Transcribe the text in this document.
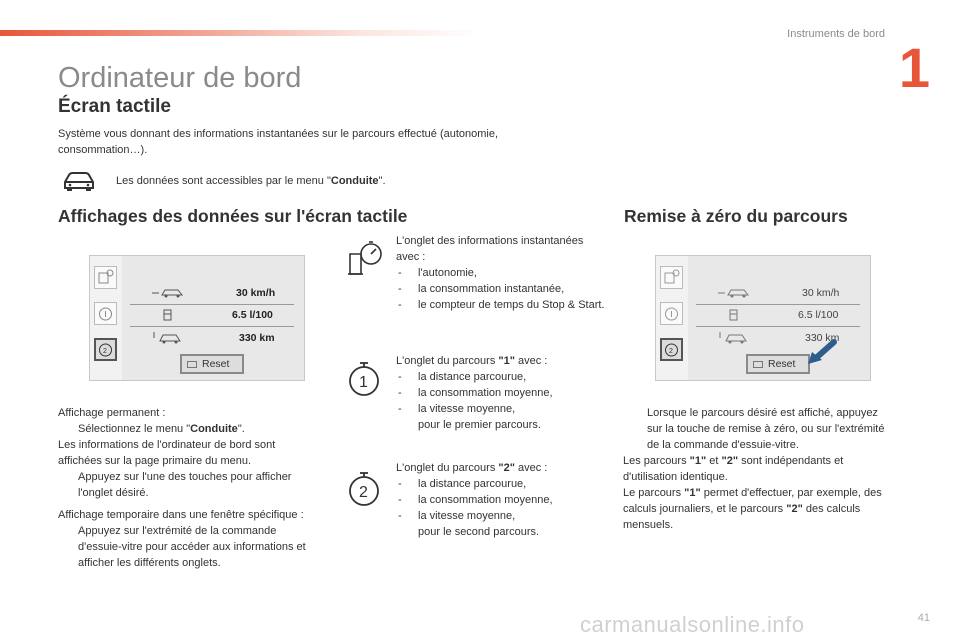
Instruments de bord
1
Ordinateur de bord
Écran tactile
Système vous donnant des informations instantanées sur le parcours effectué (autonomie, consommation…).
Les données sont accessibles par le menu "Conduite".
Affichages des données sur l'écran tactile	Remise à zéro du parcours
2
30 km/h
6.5 l/100
330 km
Reset

Affichage permanent :

Sélectionnez le menu "Conduite".

Les informations de l'ordinateur de bord sont affichées sur la page primaire du menu.

Appuyez sur l'une des touches pour afficher l'onglet désiré.

Affichage temporaire dans une fenêtre spécifique :

Appuyez sur l'extrémité de la commande d'essuie-vitre pour accéder aux informations et afficher les différents onglets.

L'onglet des informations instantanées avec :

- l'autonomie,

- la consommation instantanée,

- le compteur de temps du Stop & Start.

1

L'onglet du parcours "1" avec :

- la distance parcourue,

- la consommation moyenne,

- la vitesse moyenne,

pour le premier parcours.

2

L'onglet du parcours "2" avec :

- la distance parcourue,

- la consommation moyenne,

- la vitesse moyenne,

pour le second parcours.

2
30 km/h
6.5 l/100
330 km
Reset

Lorsque le parcours désiré est affiché, appuyez sur la touche de remise à zéro, ou sur l'extrémité de la commande d'essuie-vitre.

Les parcours "1" et "2" sont indépendants et d'utilisation identique.

Le parcours "1" permet d'effectuer, par exemple, des calculs journaliers, et le parcours "2" des calculs mensuels.

carmanualsonline.info	41
